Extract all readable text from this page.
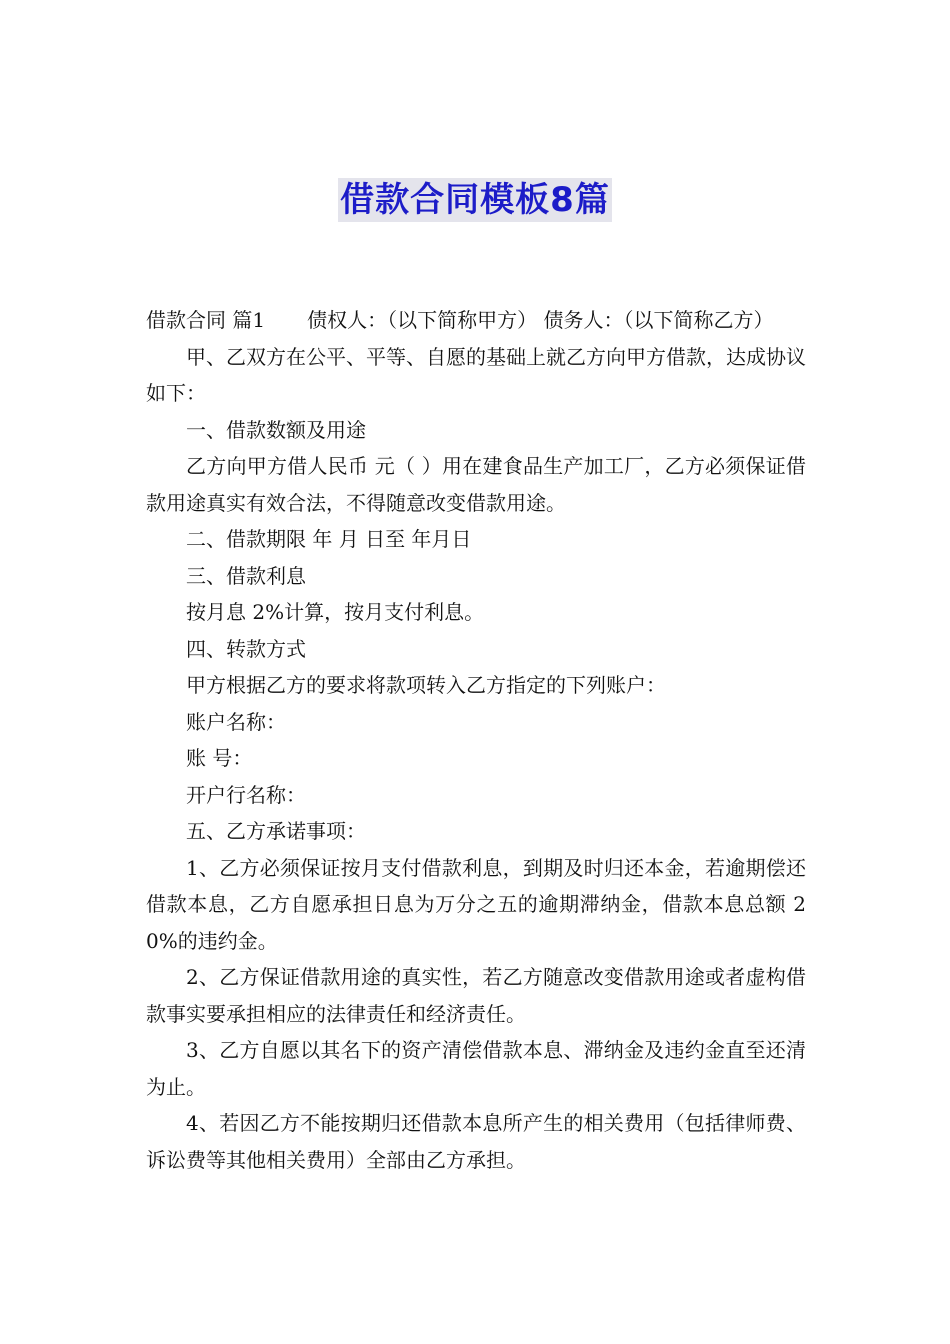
借款合同模板8篇

借款合同 篇1 债权人：（以下简称甲方） 债务人：（以下简称乙方）

甲、乙双方在公平、平等、自愿的基础上就乙方向甲方借款，达成协议如下：

一、借款数额及用途

乙方向甲方借人民币 元（ ）用在建食品生产加工厂，乙方必须保证借款用途真实有效合法，不得随意改变借款用途。

二、借款期限 年 月 日至 年月日

三、借款利息

按月息 2%计算，按月支付利息。

四、转款方式

甲方根据乙方的要求将款项转入乙方指定的下列账户：

账户名称：

账 号：

开户行名称：

五、乙方承诺事项：

1、乙方必须保证按月支付借款利息，到期及时归还本金，若逾期偿还借款本息，乙方自愿承担日息为万分之五的逾期滞纳金，借款本息总额 20%的违约金。

2、乙方保证借款用途的真实性，若乙方随意改变借款用途或者虚构借款事实要承担相应的法律责任和经济责任。

3、乙方自愿以其名下的资产清偿借款本息、滞纳金及违约金直至还清为止。

4、若因乙方不能按期归还借款本息所产生的相关费用（包括律师费、诉讼费等其他相关费用）全部由乙方承担。
